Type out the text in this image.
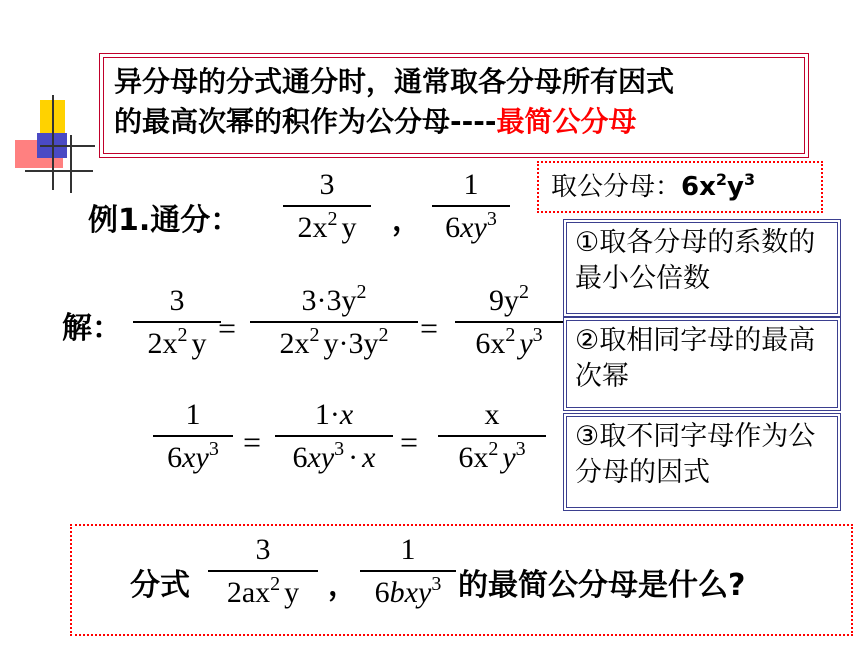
异分母的分式通分时，通常取各分母所有因式
的最高次幂的积作为公分母----最简公分母
取公分母：$6x^2y^3$
例1.通分：
3
$2x^2$ y ，
1
$6xy^3$
解：
3
$2x^2$ y =
$3\cdot 3y^2$
$2x^2$ $y\cdot 3y^2$ =
$9y^2$
$6x^2$ $y^3$
1
$6xy^3$ =
1·x
$6xy^3 \cdot x$ =
x
$6x^2$ $y^3$
①取各分母的系数的最小公倍数
②取相同字母的最高次幂
③取不同字母作为公分母的因式
分式
3
$2ax^2$ y ，
1
6bxy$^3$ 的最简公分母是什么?
